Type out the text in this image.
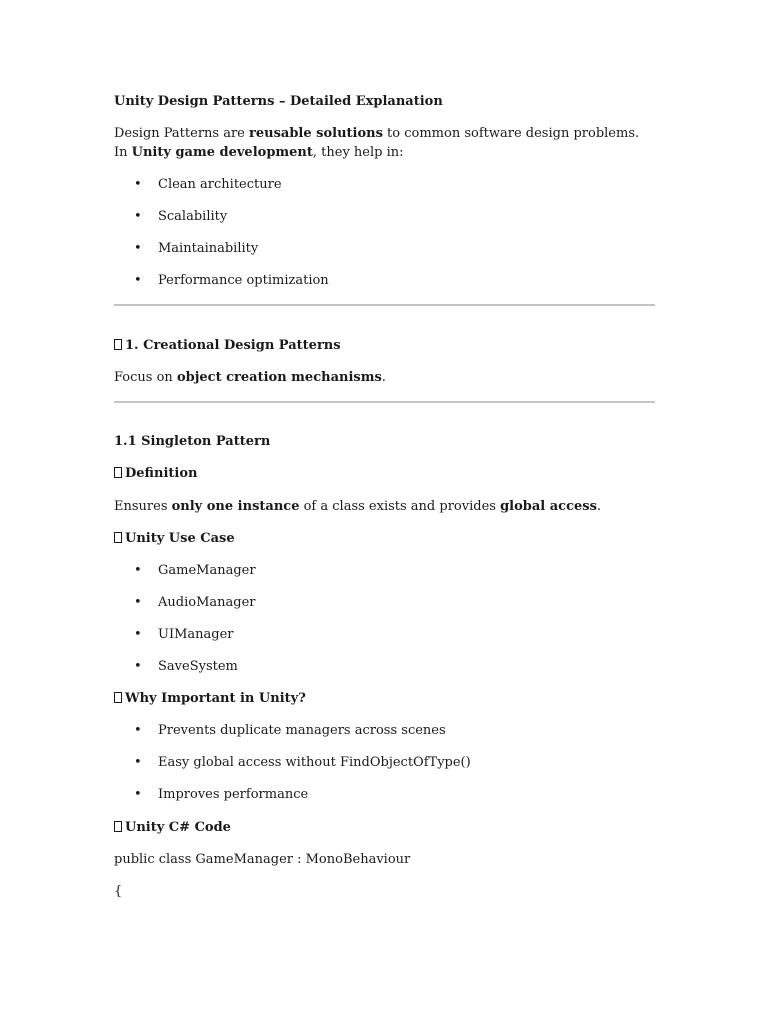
Unity Design Patterns – Detailed Explanation
Design Patterns are reusable solutions to common software design problems.
In Unity game development, they help in:
• Clean architecture
• Scalability
• Maintainability
• Performance optimization
1. Creational Design Patterns
Focus on object creation mechanisms.
1.1 Singleton Pattern
Definition
Ensures only one instance of a class exists and provides global access.
Unity Use Case
• GameManager
• AudioManager
• UIManager
• SaveSystem
Why Important in Unity?
• Prevents duplicate managers across scenes
• Easy global access without FindObjectOfType()
• Improves performance
Unity C# Code
public class GameManager : MonoBehaviour
{
